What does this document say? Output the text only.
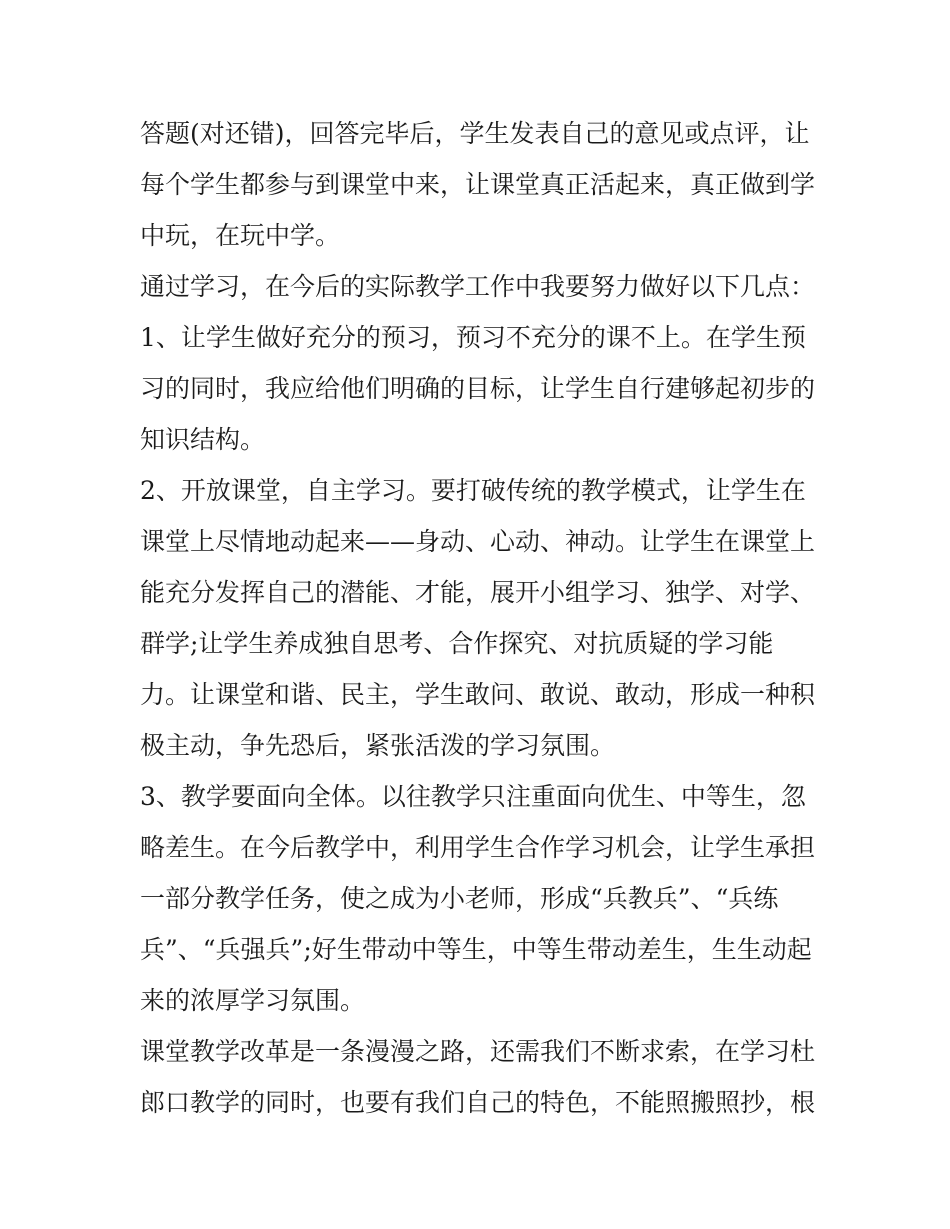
答题(对还错)，回答完毕后，学生发表自己的意见或点评，让每个学生都参与到课堂中来，让课堂真正活起来，真正做到学中玩，在玩中学。

通过学习，在今后的实际教学工作中我要努力做好以下几点：

1、让学生做好充分的预习，预习不充分的课不上。在学生预习的同时，我应给他们明确的目标，让学生自行建够起初步的知识结构。

2、开放课堂，自主学习。要打破传统的教学模式，让学生在课堂上尽情地动起来——身动、心动、神动。让学生在课堂上能充分发挥自己的潜能、才能，展开小组学习、独学、对学、群学;让学生养成独自思考、合作探究、对抗质疑的学习能力。让课堂和谐、民主，学生敢问、敢说、敢动，形成一种积极主动，争先恐后，紧张活泼的学习氛围。

3、教学要面向全体。以往教学只注重面向优生、中等生，忽略差生。在今后教学中，利用学生合作学习机会，让学生承担一部分教学任务，使之成为小老师，形成“兵教兵”、“兵练兵”、“兵强兵”;好生带动中等生，中等生带动差生，生生动起来的浓厚学习氛围。

课堂教学改革是一条漫漫之路，还需我们不断求索，在学习杜郎口教学的同时，也要有我们自己的特色，不能照搬照抄，根
